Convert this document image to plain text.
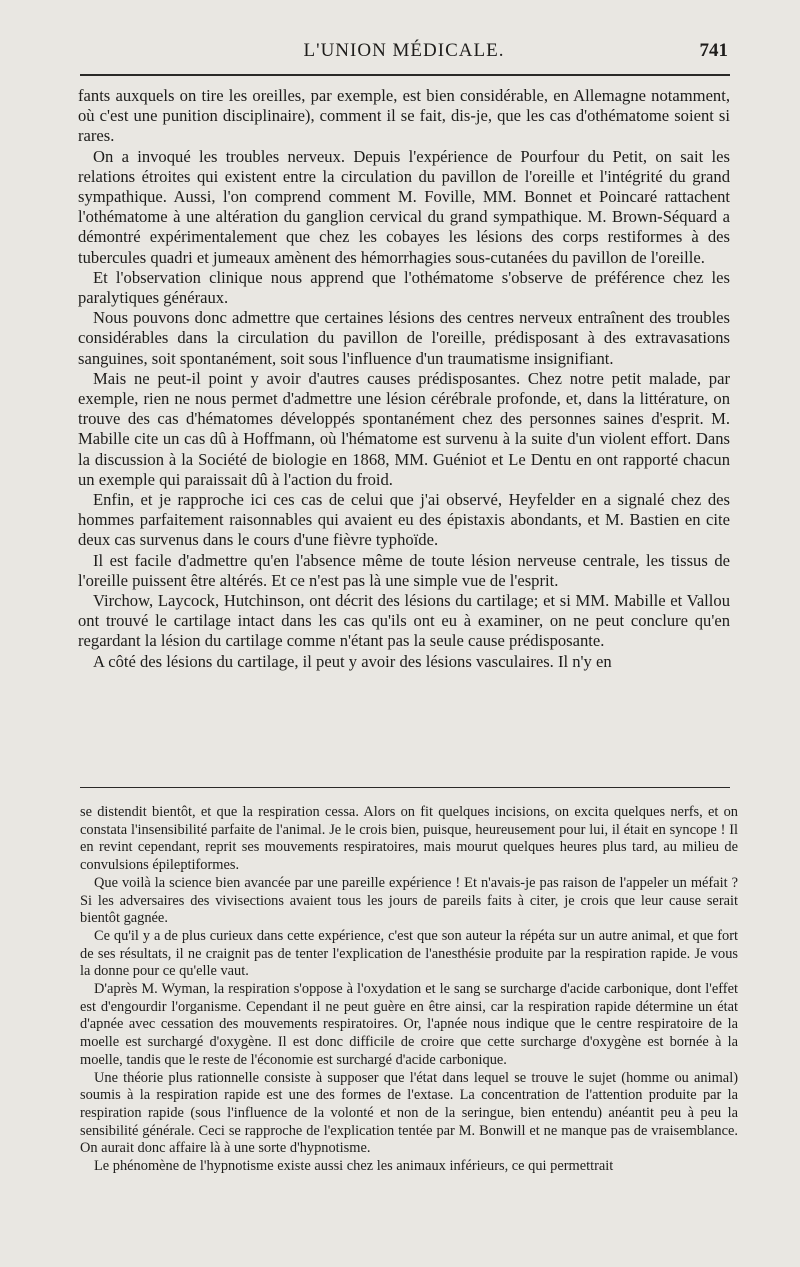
L'UNION MÉDICALE.	741

fants auxquels on tire les oreilles, par exemple, est bien considérable, en Allemagne notamment, où c'est une punition disciplinaire), comment il se fait, dis-je, que les cas d'othématome soient si rares.

On a invoqué les troubles nerveux. Depuis l'expérience de Pourfour du Petit, on sait les relations étroites qui existent entre la circulation du pavillon de l'oreille et l'intégrité du grand sympathique. Aussi, l'on comprend comment M. Foville, MM. Bonnet et Poincaré rattachent l'othématome à une altération du ganglion cervical du grand sympathique. M. Brown-Séquard a démontré expérimentalement que chez les cobayes les lésions des corps restiformes à des tubercules quadri et jumeaux amènent des hémorrhagies sous-cutanées du pavillon de l'oreille.

Et l'observation clinique nous apprend que l'othématome s'observe de préférence chez les paralytiques généraux.

Nous pouvons donc admettre que certaines lésions des centres nerveux entraînent des troubles considérables dans la circulation du pavillon de l'oreille, prédisposant à des extravasations sanguines, soit spontanément, soit sous l'influence d'un traumatisme insignifiant.

Mais ne peut-il point y avoir d'autres causes prédisposantes. Chez notre petit malade, par exemple, rien ne nous permet d'admettre une lésion cérébrale profonde, et, dans la littérature, on trouve des cas d'hématomes développés spontanément chez des personnes saines d'esprit. M. Mabille cite un cas dû à Hoffmann, où l'hématome est survenu à la suite d'un violent effort. Dans la discussion à la Société de biologie en 1868, MM. Guéniot et Le Dentu en ont rapporté chacun un exemple qui paraissait dû à l'action du froid.

Enfin, et je rapproche ici ces cas de celui que j'ai observé, Heyfelder en a signalé chez des hommes parfaitement raisonnables qui avaient eu des épistaxis abondants, et M. Bastien en cite deux cas survenus dans le cours d'une fièvre typhoïde.

Il est facile d'admettre qu'en l'absence même de toute lésion nerveuse centrale, les tissus de l'oreille puissent être altérés. Et ce n'est pas là une simple vue de l'esprit.

Virchow, Laycock, Hutchinson, ont décrit des lésions du cartilage; et si MM. Mabille et Vallou ont trouvé le cartilage intact dans les cas qu'ils ont eu à examiner, on ne peut conclure qu'en regardant la lésion du cartilage comme n'étant pas la seule cause prédisposante.

A côté des lésions du cartilage, il peut y avoir des lésions vasculaires. Il n'y en

se distendit bientôt, et que la respiration cessa. Alors on fit quelques incisions, on excita quelques nerfs, et on constata l'insensibilité parfaite de l'animal. Je le crois bien, puisque, heureusement pour lui, il était en syncope ! Il en revint cependant, reprit ses mouvements respiratoires, mais mourut quelques heures plus tard, au milieu de convulsions épileptiformes.

Que voilà la science bien avancée par une pareille expérience ! Et n'avais-je pas raison de l'appeler un méfait ? Si les adversaires des vivisections avaient tous les jours de pareils faits à citer, je crois que leur cause serait bientôt gagnée.

Ce qu'il y a de plus curieux dans cette expérience, c'est que son auteur la répéta sur un autre animal, et que fort de ses résultats, il ne craignit pas de tenter l'explication de l'anesthésie produite par la respiration rapide. Je vous la donne pour ce qu'elle vaut.

D'après M. Wyman, la respiration s'oppose à l'oxydation et le sang se surcharge d'acide carbonique, dont l'effet est d'engourdir l'organisme. Cependant il ne peut guère en être ainsi, car la respiration rapide détermine un état d'apnée avec cessation des mouvements respiratoires. Or, l'apnée nous indique que le centre respiratoire de la moelle est surchargé d'oxygène. Il est donc difficile de croire que cette surcharge d'oxygène est bornée à la moelle, tandis que le reste de l'économie est surchargé d'acide carbonique.

Une théorie plus rationnelle consiste à supposer que l'état dans lequel se trouve le sujet (homme ou animal) soumis à la respiration rapide est une des formes de l'extase. La concentration de l'attention produite par la respiration rapide (sous l'influence de la volonté et non de la seringue, bien entendu) anéantit peu à peu la sensibilité générale. Ceci se rapproche de l'explication tentée par M. Bonwill et ne manque pas de vraisemblance. On aurait donc affaire là à une sorte d'hypnotisme.

Le phénomène de l'hypnotisme existe aussi chez les animaux inférieurs, ce qui permettrait
